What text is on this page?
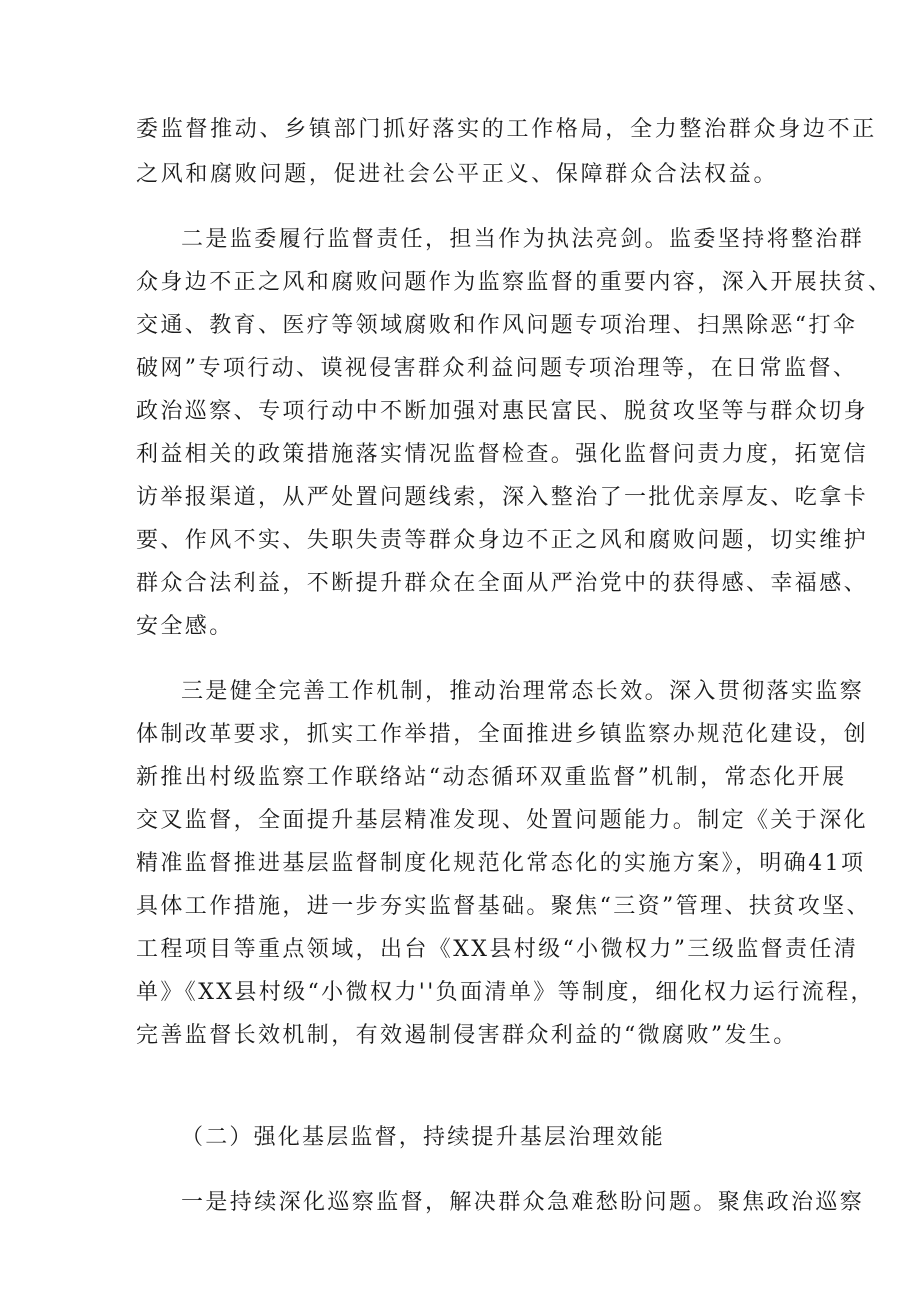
委监督推动、乡镇部门抓好落实的工作格局，全力整治群众身边不正

之风和腐败问题，促进社会公平正义、保障群众合法权益。

二是监委履行监督责任，担当作为执法亮剑。监委坚持将整治群

众身边不正之风和腐败问题作为监察监督的重要内容，深入开展扶贫、

交通、教育、医疗等领域腐败和作风问题专项治理、扫黑除恶“打伞

破网”专项行动、谟视侵害群众利益问题专项治理等，在日常监督、

政治巡察、专项行动中不断加强对惠民富民、脱贫攻坚等与群众切身

利益相关的政策措施落实情况监督检查。强化监督问责力度，拓宽信

访举报渠道，从严处置问题线索，深入整治了一批优亲厚友、吃拿卡

要、作风不实、失职失责等群众身边不正之风和腐败问题，切实维护

群众合法利益，不断提升群众在全面从严治党中的获得感、幸福感、

安全感。

三是健全完善工作机制，推动治理常态长效。深入贯彻落实监察

体制改革要求，抓实工作举措，全面推进乡镇监察办规范化建设，创

新推出村级监察工作联络站“动态循环双重监督”机制，常态化开展

交叉监督，全面提升基层精准发现、处置问题能力。制定《关于深化

精准监督推进基层监督制度化规范化常态化的实施方案》，明确41项

具体工作措施，进一步夯实监督基础。聚焦“三资”管理、扶贫攻坚、

工程项目等重点领域，出台《XX县村级“小微权力”三级监督责任清

单》《XX县村级“小微权力''负面清单》等制度，细化权力运行流程，

完善监督长效机制，有效遏制侵害群众利益的“微腐败”发生。

（二）强化基层监督，持续提升基层治理效能

一是持续深化巡察监督，解决群众急难愁盼问题。聚焦政治巡察
